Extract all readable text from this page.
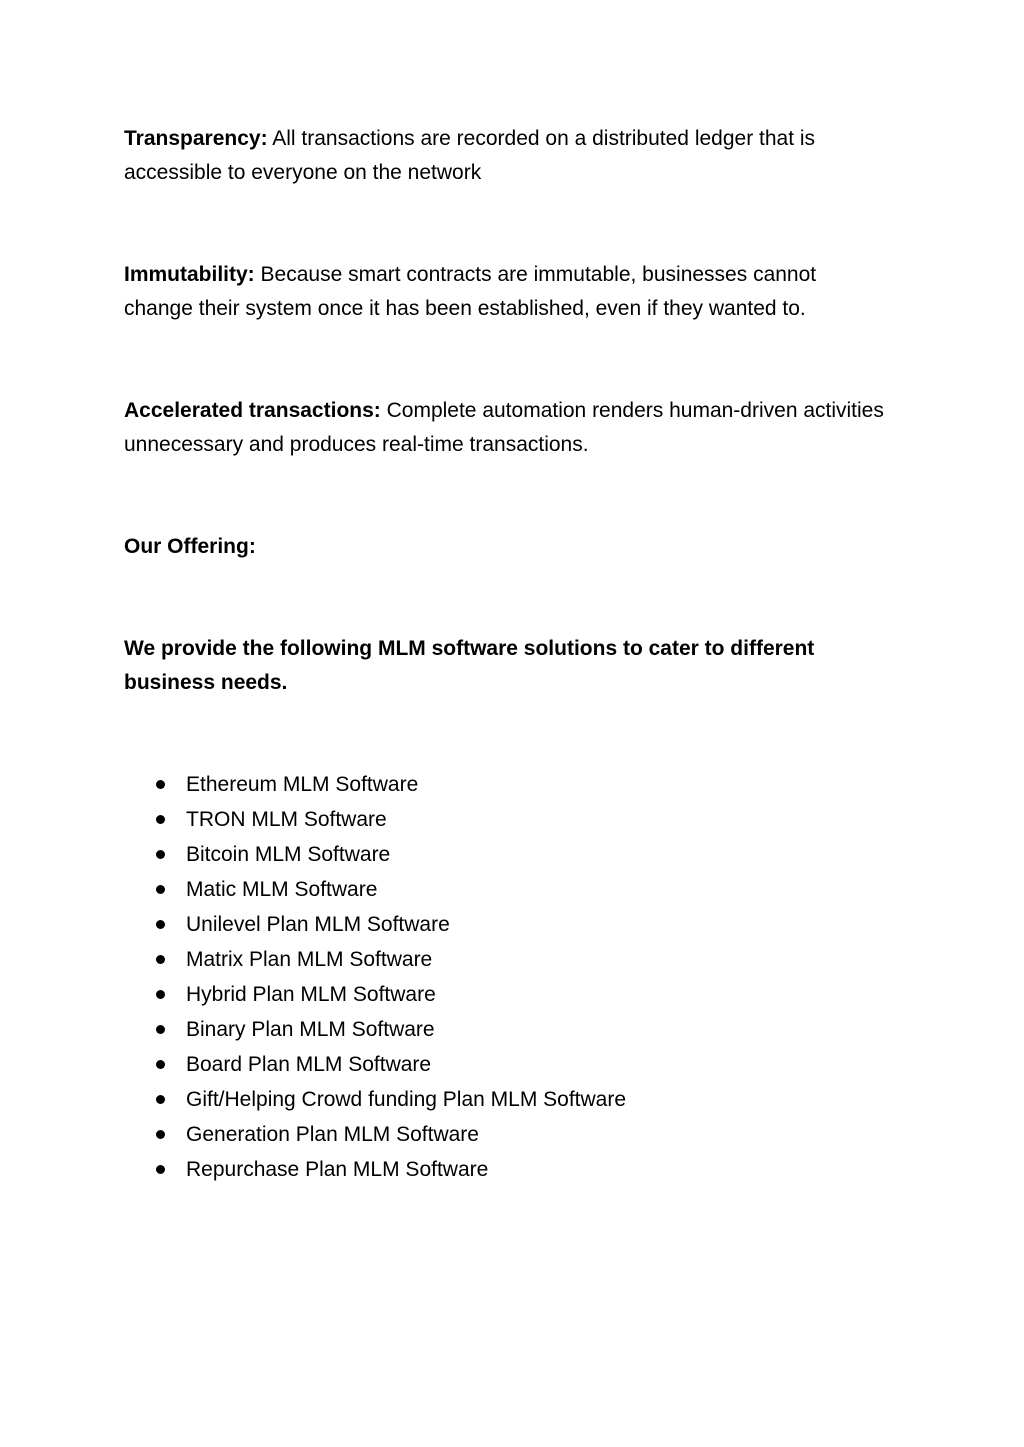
Transparency: All transactions are recorded on a distributed ledger that is accessible to everyone on the network

Immutability: Because smart contracts are immutable, businesses cannot change their system once it has been established, even if they wanted to.

Accelerated transactions: Complete automation renders human-driven activities unnecessary and produces real-time transactions.

Our Offering:

We provide the following MLM software solutions to cater to different business needs.

Ethereum MLM Software
TRON MLM Software
Bitcoin MLM Software
Matic MLM Software
Unilevel Plan MLM Software
Matrix Plan MLM Software
Hybrid Plan MLM Software
Binary Plan MLM Software
Board Plan MLM Software
Gift/Helping Crowd funding Plan MLM Software
Generation Plan MLM Software
Repurchase Plan MLM Software
